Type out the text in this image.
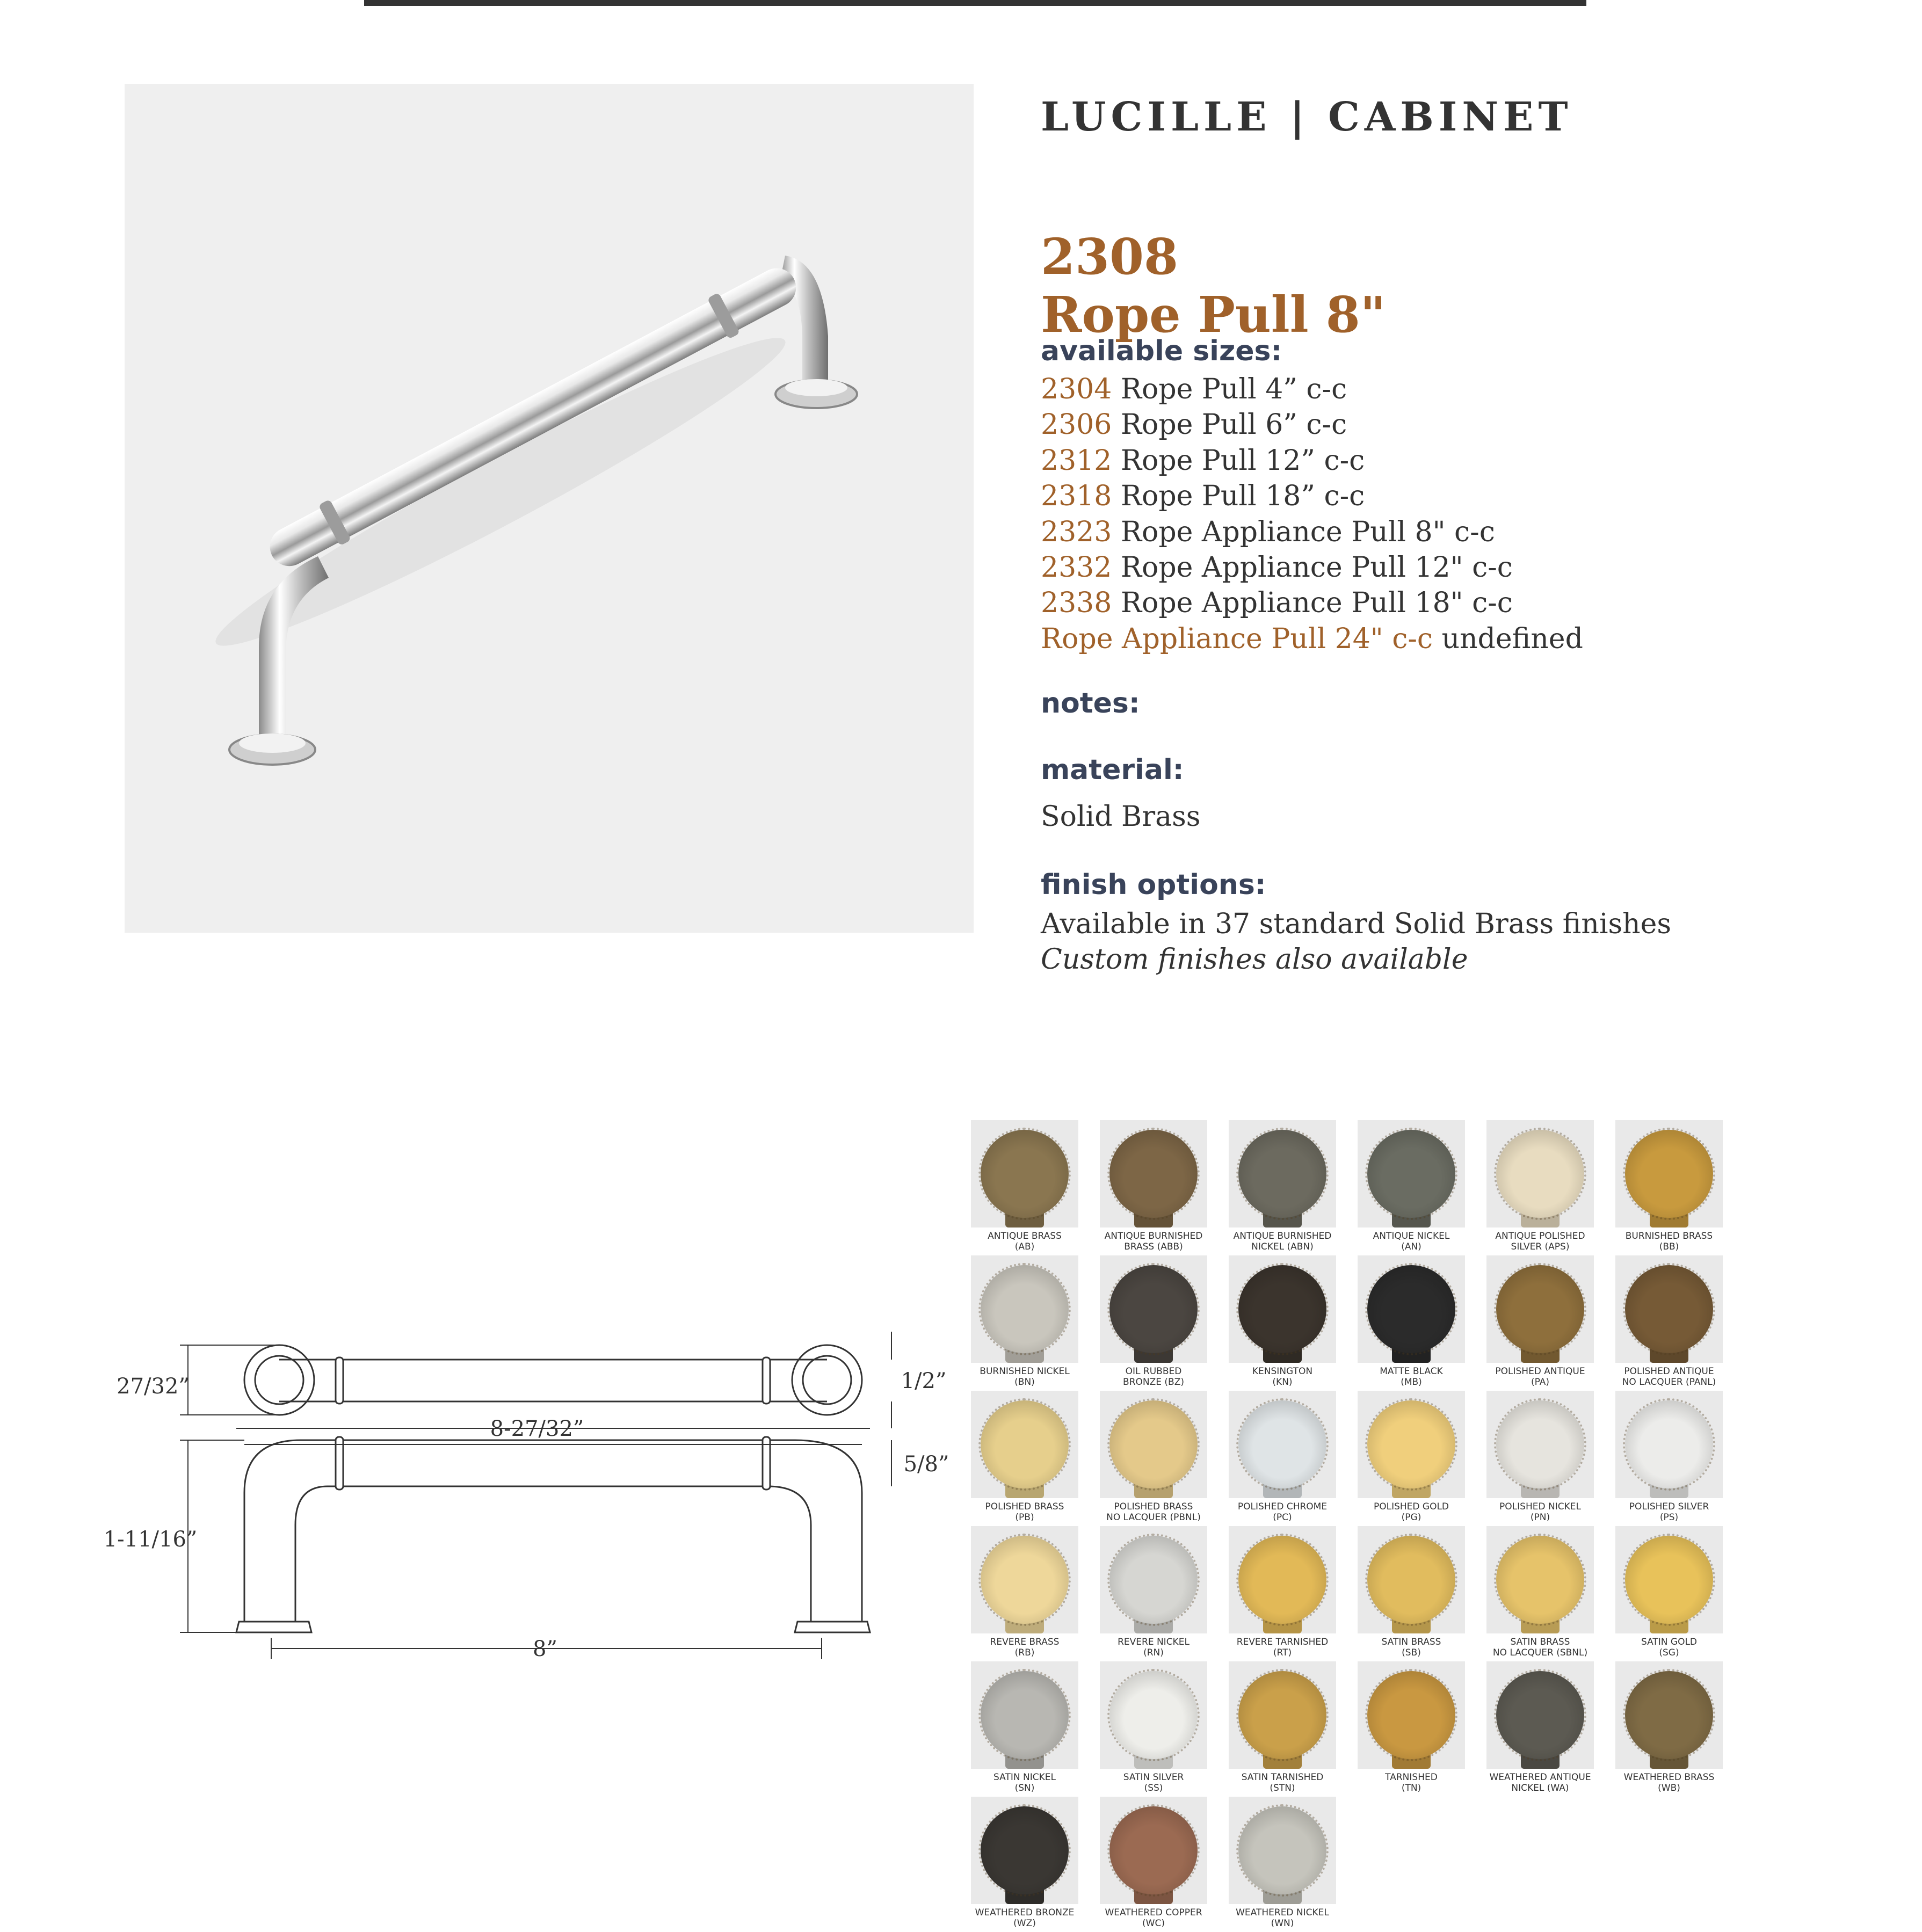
LUCILLE | CABINET
2308
Rope Pull 8"
available sizes:
2304 Rope Pull 4” c-c
2306 Rope Pull 6” c-c
2312 Rope Pull 12” c-c
2318 Rope Pull 18” c-c
2323 Rope Appliance Pull 8" c-c
2332 Rope Appliance Pull 12" c-c
2338 Rope Appliance Pull 18" c-c
Rope Appliance Pull 24" c-c undefined
notes:
material:
Solid Brass
finish options:
Available in 37 standard Solid Brass finishes
Custom finishes also available
27/32”	1/2”
8-27/32”
5/8”
1-11/16”
8”
ANTIQUE BRASS
(AB)
ANTIQUE BURNISHED
BRASS (ABB)
ANTIQUE BURNISHED
NICKEL (ABN)
ANTIQUE NICKEL
(AN)
ANTIQUE POLISHED
SILVER (APS)
BURNISHED BRASS
(BB)
BURNISHED NICKEL
(BN)
OIL RUBBED
BRONZE (BZ)
KENSINGTON
(KN)
MATTE BLACK
(MB)
POLISHED ANTIQUE
(PA)
POLISHED ANTIQUE
NO LACQUER (PANL)
POLISHED BRASS
(PB)
POLISHED BRASS
NO LACQUER (PBNL)
POLISHED CHROME
(PC)
POLISHED GOLD
(PG)
POLISHED NICKEL
(PN)
POLISHED SILVER
(PS)
REVERE BRASS
(RB)
REVERE NICKEL
(RN)
REVERE TARNISHED
(RT)
SATIN BRASS
(SB)
SATIN BRASS
NO LACQUER (SBNL)
SATIN GOLD
(SG)
SATIN NICKEL
(SN)
SATIN SILVER
(SS)
SATIN TARNISHED
(STN)
TARNISHED
(TN)
WEATHERED ANTIQUE
NICKEL (WA)
WEATHERED BRASS
(WB)
WEATHERED BRONZE
(WZ)
WEATHERED COPPER
(WC)
WEATHERED NICKEL
(WN)
